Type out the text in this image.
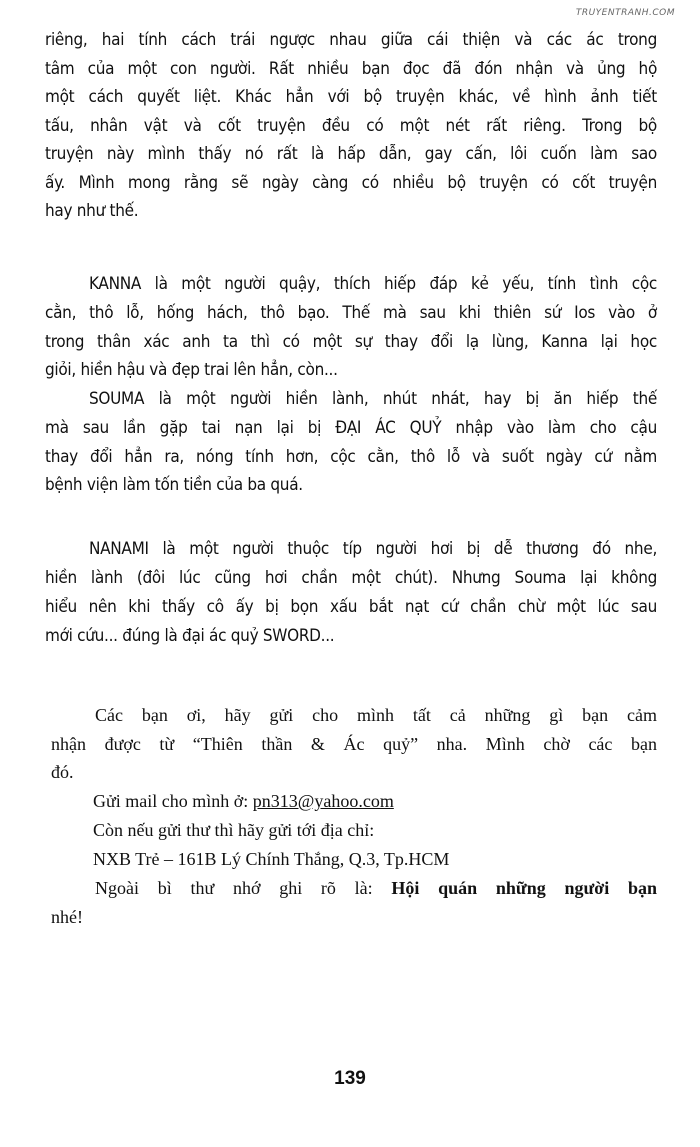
TRUYENTRANH.COM
riêng, hai tính cách trái ngược nhau giữa cái thiện và các ác trong
tâm của một con người. Rất nhiều bạn đọc đã đón nhận và ủng hộ
một cách quyết liệt. Khác hẳn với bộ truyện khác, về hình ảnh tiết
tấu, nhân vật và cốt truyện đều có một nét rất riêng. Trong bộ
truyện này mình thấy nó rất là hấp dẫn, gay cấn, lôi cuốn làm sao
ấy. Mình mong rằng sẽ ngày càng có nhiều bộ truyện có cốt truyện
hay như thế.
KANNA là một người quậy, thích hiếp đáp kẻ yếu, tính tình cộc
cằn, thô lỗ, hống hách, thô bạo. Thế mà sau khi thiên sứ Ios vào ở
trong thân xác anh ta thì có một sự thay đổi lạ lùng, Kanna lại học
giỏi, hiền hậu và đẹp trai lên hẳn, còn...
SOUMA là một người hiền lành, nhút nhát, hay bị ăn hiếp thế
mà sau lần gặp tai nạn lại bị ĐẠI ÁC QUỶ nhập vào làm cho cậu
thay đổi hẳn ra, nóng tính hơn, cộc cằn, thô lỗ và suốt ngày cứ nằm
bệnh viện làm tốn tiền của ba quá.
NANAMI là một người thuộc típ người hơi bị dễ thương đó nhe,
hiền lành (đôi lúc cũng hơi chần một chút). Nhưng Souma lại không
hiểu nên khi thấy cô ấy bị bọn xấu bắt nạt cứ chần chừ một lúc sau
mới cứu... đúng là đại ác quỷ SWORD...
Các bạn ơi, hãy gửi cho mình tất cả những gì bạn cảm
nhận được từ “Thiên thần & Ác quỷ” nha. Mình chờ các bạn
đó.
Gửi mail cho mình ở: pn313@yahoo.com
Còn nếu gửi thư thì hãy gửi tới địa chỉ:
NXB Trẻ – 161B Lý Chính Thắng, Q.3, Tp.HCM
Ngoài bì thư nhớ ghi rõ là: Hội quán những người bạn
nhé!
139
